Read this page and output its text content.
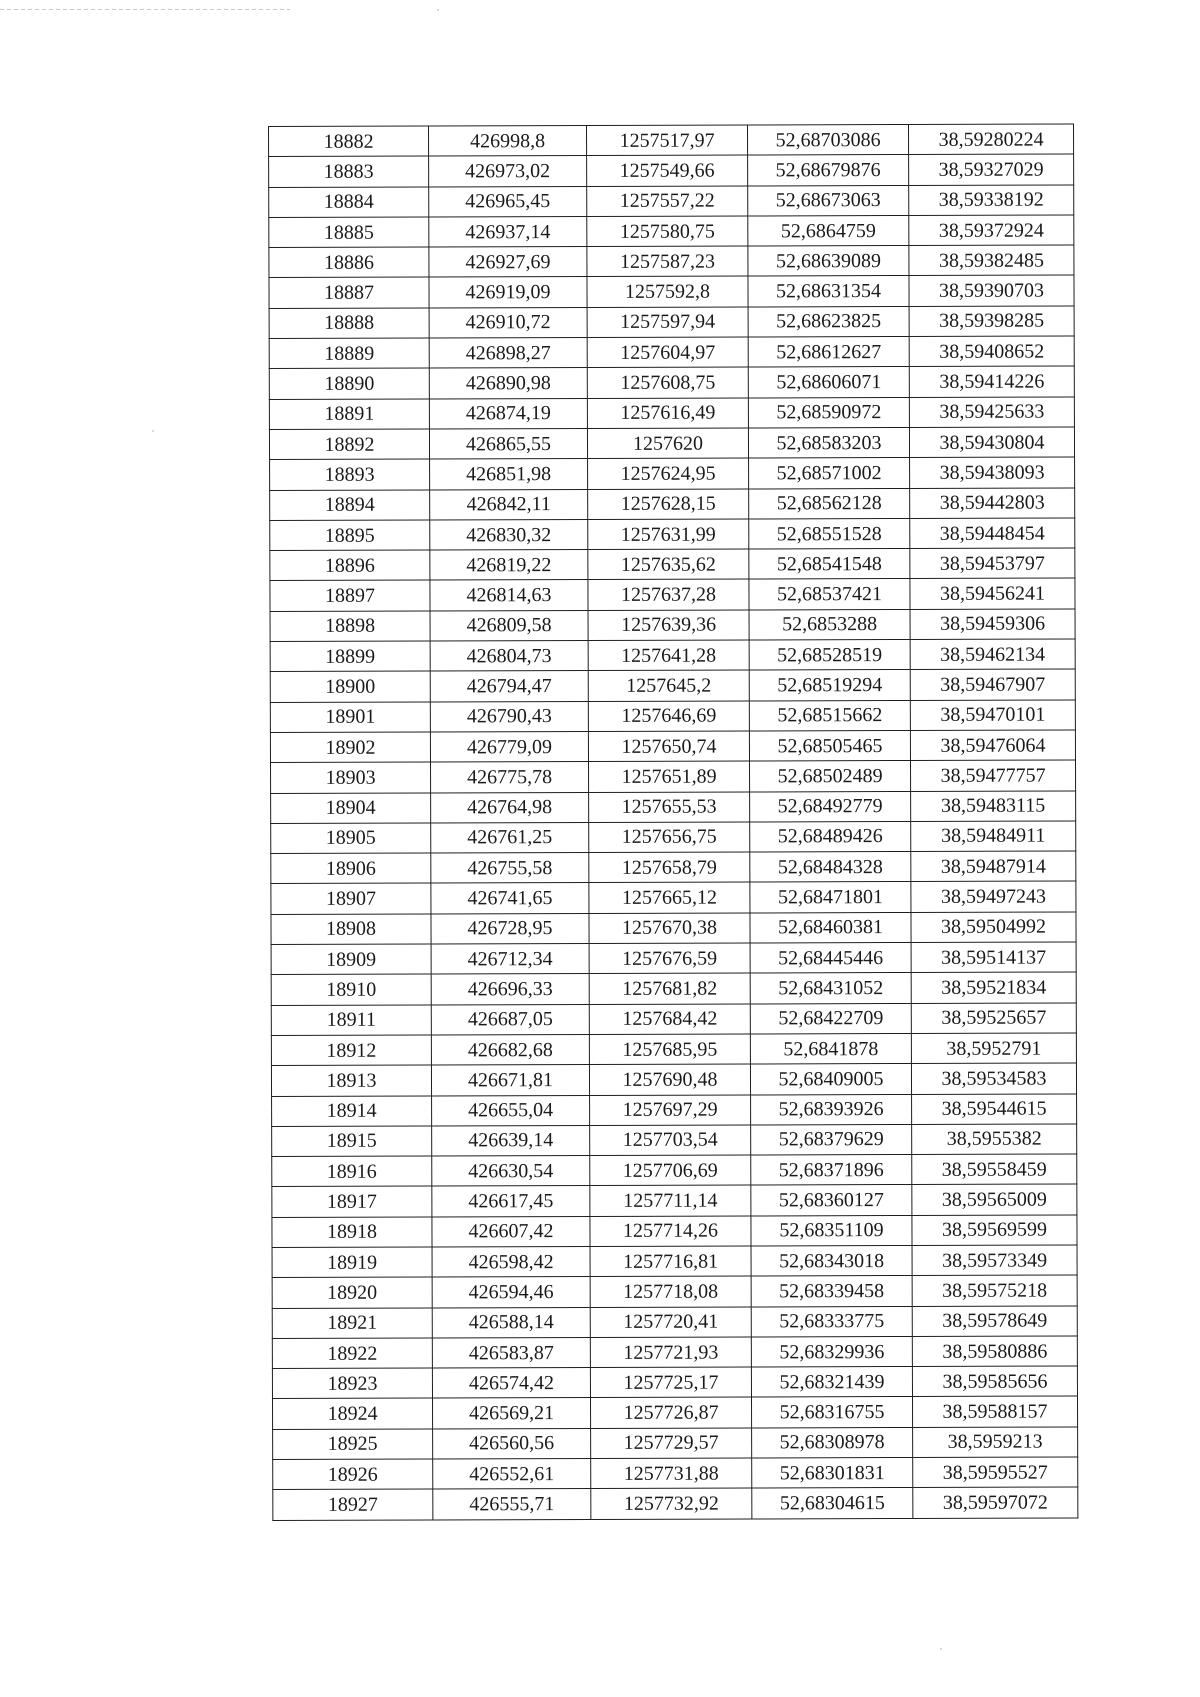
18882	426998,8	1257517,97	52,68703086	38,59280224
18883	426973,02	1257549,66	52,68679876	38,59327029
18884	426965,45	1257557,22	52,68673063	38,59338192
18885	426937,14	1257580,75	52,6864759	38,59372924
18886	426927,69	1257587,23	52,68639089	38,59382485
18887	426919,09	1257592,8	52,68631354	38,59390703
18888	426910,72	1257597,94	52,68623825	38,59398285
18889	426898,27	1257604,97	52,68612627	38,59408652
18890	426890,98	1257608,75	52,68606071	38,59414226
18891	426874,19	1257616,49	52,68590972	38,59425633
18892	426865,55	1257620	52,68583203	38,59430804
18893	426851,98	1257624,95	52,68571002	38,59438093
18894	426842,11	1257628,15	52,68562128	38,59442803
18895	426830,32	1257631,99	52,68551528	38,59448454
18896	426819,22	1257635,62	52,68541548	38,59453797
18897	426814,63	1257637,28	52,68537421	38,59456241
18898	426809,58	1257639,36	52,6853288	38,59459306
18899	426804,73	1257641,28	52,68528519	38,59462134
18900	426794,47	1257645,2	52,68519294	38,59467907
18901	426790,43	1257646,69	52,68515662	38,59470101
18902	426779,09	1257650,74	52,68505465	38,59476064
18903	426775,78	1257651,89	52,68502489	38,59477757
18904	426764,98	1257655,53	52,68492779	38,59483115
18905	426761,25	1257656,75	52,68489426	38,59484911
18906	426755,58	1257658,79	52,68484328	38,59487914
18907	426741,65	1257665,12	52,68471801	38,59497243
18908	426728,95	1257670,38	52,68460381	38,59504992
18909	426712,34	1257676,59	52,68445446	38,59514137
18910	426696,33	1257681,82	52,68431052	38,59521834
18911	426687,05	1257684,42	52,68422709	38,59525657
18912	426682,68	1257685,95	52,6841878	38,5952791
18913	426671,81	1257690,48	52,68409005	38,59534583
18914	426655,04	1257697,29	52,68393926	38,59544615
18915	426639,14	1257703,54	52,68379629	38,5955382
18916	426630,54	1257706,69	52,68371896	38,59558459
18917	426617,45	1257711,14	52,68360127	38,59565009
18918	426607,42	1257714,26	52,68351109	38,59569599
18919	426598,42	1257716,81	52,68343018	38,59573349
18920	426594,46	1257718,08	52,68339458	38,59575218
18921	426588,14	1257720,41	52,68333775	38,59578649
18922	426583,87	1257721,93	52,68329936	38,59580886
18923	426574,42	1257725,17	52,68321439	38,59585656
18924	426569,21	1257726,87	52,68316755	38,59588157
18925	426560,56	1257729,57	52,68308978	38,5959213
18926	426552,61	1257731,88	52,68301831	38,59595527
18927	426555,71	1257732,92	52,68304615	38,59597072
